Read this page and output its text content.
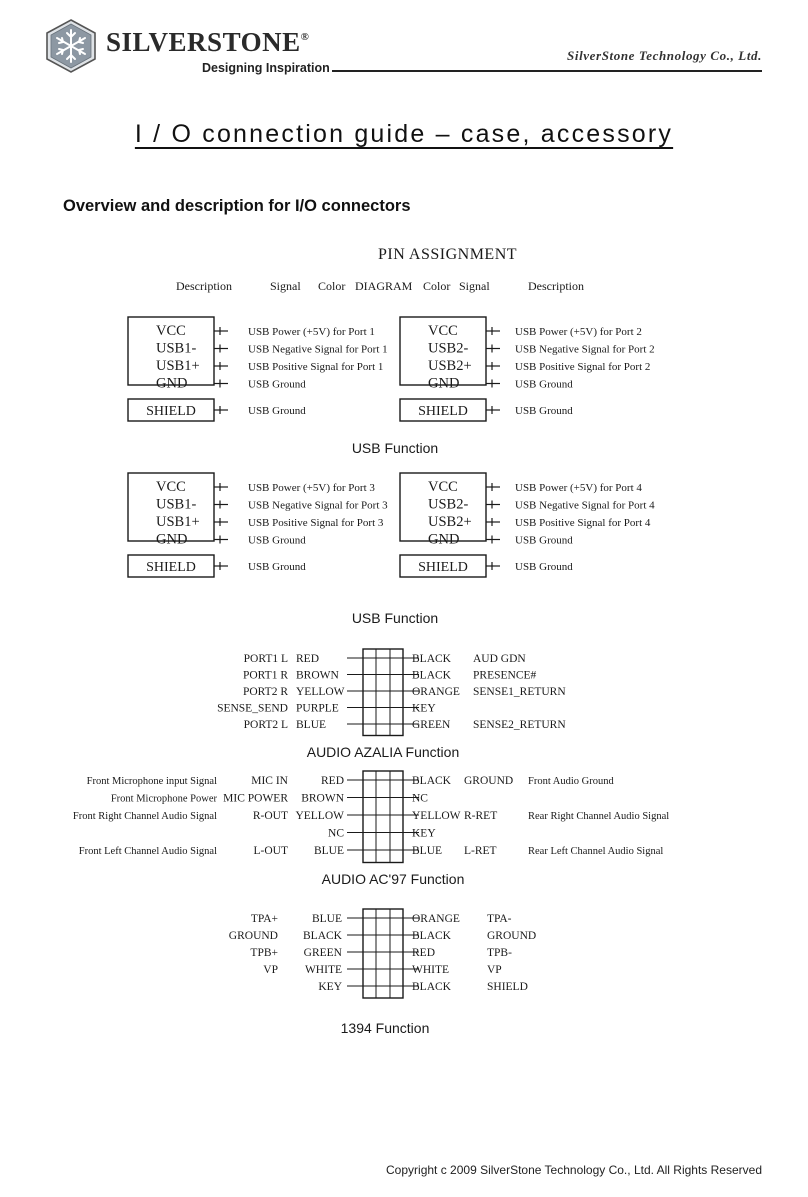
SILVERSTONE®
Designing Inspiration
SilverStone Technology Co., Ltd.
I / O connection guide – case, accessory
Overview and description for I/O connectors
PIN ASSIGNMENT
Description	Signal Color DIAGRAM Color Signal	Description
VCC	USB Power (+5V) for Port 1
USB1-	USB Negative Signal for Port 1
USB1+	USB Positive Signal for Port 1
GND	USB Ground
SHIELD	USB Ground
VCC	USB Power (+5V) for Port 2
USB2-	USB Negative Signal for Port 2
USB2+	USB Positive Signal for Port 2
GND	USB Ground
SHIELD	USB Ground
USB Function
VCC	USB Power (+5V) for Port 3
USB1-	USB Negative Signal for Port 3
USB1+	USB Positive Signal for Port 3
GND	USB Ground
SHIELD	USB Ground
VCC	USB Power (+5V) for Port 4
USB2-	USB Negative Signal for Port 4
USB2+	USB Positive Signal for Port 4
GND	USB Ground
SHIELD	USB Ground
USB Function
PORT1 L RED	BLACK AUD GDN
PORT1 R BROWN	BLACK PRESENCE#
PORT2 R YELLOW	ORANGE SENSE1_RETURN
SENSE_SEND PURPLE	KEY
PORT2 L BLUE	GREEN SENSE2_RETURN
AUDIO AZALIA Function
Front Microphone input Signal	MIC IN	RED	BLACK GROUND Front Audio Ground
Front Microphone Power MIC POWER BROWN	NC
Front Right Channel Audio Signal	R-OUT YELLOW	YELLOW R-RET	Rear Right Channel Audio Signal
NC	KEY
Front Left Channel Audio Signal	L-OUT BLUE	BLUE L-RET	Rear Left Channel Audio Signal
AUDIO AC'97 Function
TPA+	BLUE	ORANGE TPA-
GROUND BLACK	BLACK	GROUND
TPB+ GREEN	RED	TPB-
VP WHITE	WHITE	VP
KEY	BLACK	SHIELD
1394 Function
Copyright c 2009 SilverStone Technology Co., Ltd. All Rights Reserved
